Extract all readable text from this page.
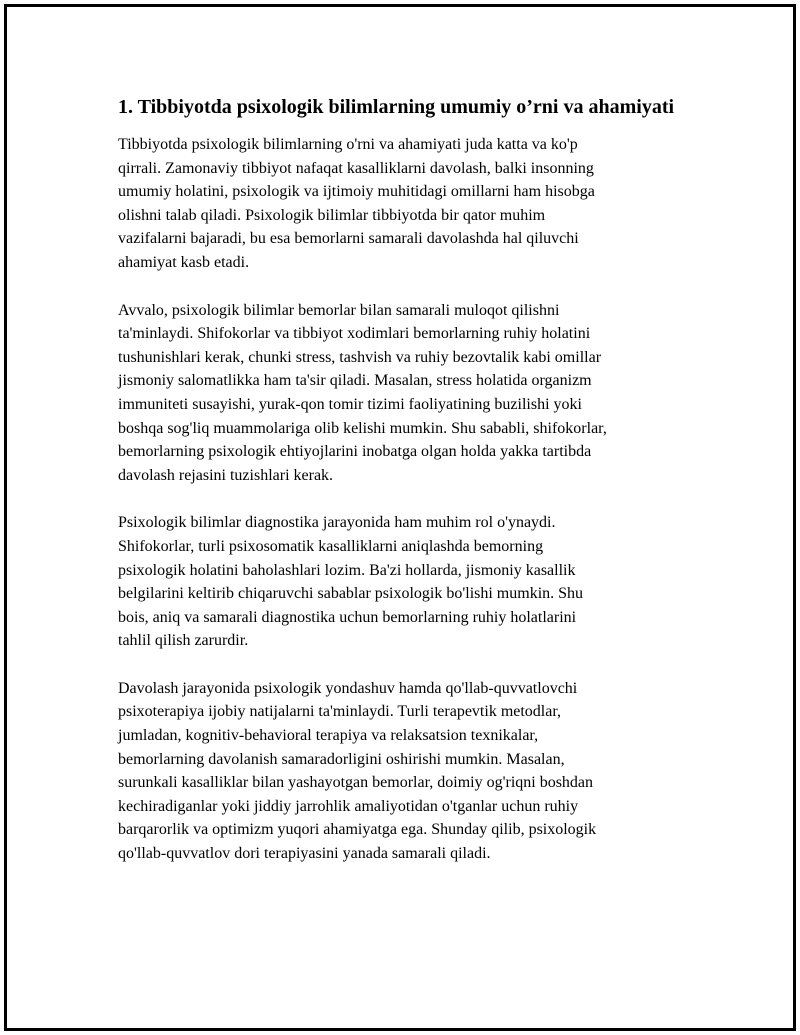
1. Tibbiyotda psixologik bilimlarning umumiy o’rni va ahamiyati

Tibbiyotda psixologik bilimlarning o'rni va ahamiyati juda katta va ko'p
qirrali. Zamonaviy tibbiyot nafaqat kasalliklarni davolash, balki insonning
umumiy holatini, psixologik va ijtimoiy muhitidagi omillarni ham hisobga
olishni talab qiladi. Psixologik bilimlar tibbiyotda bir qator muhim
vazifalarni bajaradi, bu esa bemorlarni samarali davolashda hal qiluvchi
ahamiyat kasb etadi.

Avvalo, psixologik bilimlar bemorlar bilan samarali muloqot qilishni
ta'minlaydi. Shifokorlar va tibbiyot xodimlari bemorlarning ruhiy holatini
tushunishlari kerak, chunki stress, tashvish va ruhiy bezovtalik kabi omillar
jismoniy salomatlikka ham ta'sir qiladi. Masalan, stress holatida organizm
immuniteti susayishi, yurak-qon tomir tizimi faoliyatining buzilishi yoki
boshqa sog'liq muammolariga olib kelishi mumkin. Shu sababli, shifokorlar,
bemorlarning psixologik ehtiyojlarini inobatga olgan holda yakka tartibda
davolash rejasini tuzishlari kerak.

Psixologik bilimlar diagnostika jarayonida ham muhim rol o'ynaydi.
Shifokorlar, turli psixosomatik kasalliklarni aniqlashda bemorning
psixologik holatini baholashlari lozim. Ba'zi hollarda, jismoniy kasallik
belgilarini keltirib chiqaruvchi sabablar psixologik bo'lishi mumkin. Shu
bois, aniq va samarali diagnostika uchun bemorlarning ruhiy holatlarini
tahlil qilish zarurdir.

Davolash jarayonida psixologik yondashuv hamda qo'llab-quvvatlovchi
psixoterapiya ijobiy natijalarni ta'minlaydi. Turli terapevtik metodlar,
jumladan, kognitiv-behavioral terapiya va relaksatsion texnikalar,
bemorlarning davolanish samaradorligini oshirishi mumkin. Masalan,
surunkali kasalliklar bilan yashayotgan bemorlar, doimiy og'riqni boshdan
kechiradiganlar yoki jiddiy jarrohlik amaliyotidan o'tganlar uchun ruhiy
barqarorlik va optimizm yuqori ahamiyatga ega. Shunday qilib, psixologik
qo'llab-quvvatlov dori terapiyasini yanada samarali qiladi.
